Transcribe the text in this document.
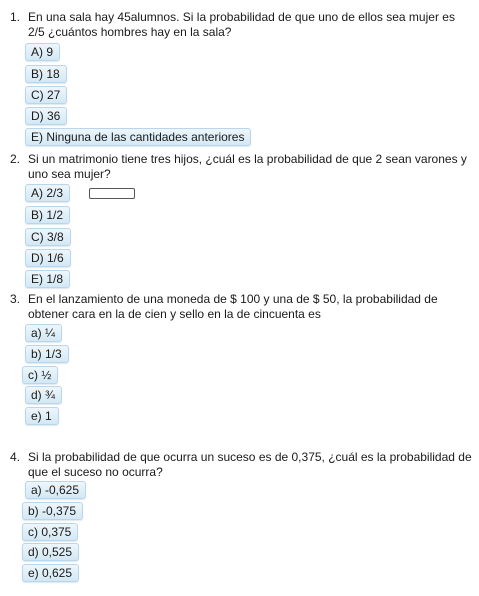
1. En una sala hay 45alumnos. Si la probabilidad de que uno de ellos sea mujer es 2/5 ¿cuántos hombres hay en la sala?
A) 9
B) 18
C) 27
D) 36
E) Ninguna de las cantidades anteriores
2. Si un matrimonio tiene tres hijos, ¿cuál es la probabilidad de que 2 sean varones y uno sea mujer?
A) 2/3
B) 1/2
C) 3/8
D) 1/6
E) 1/8
3. En el lanzamiento de una moneda de $ 100 y una de $ 50, la probabilidad de obtener cara en la de cien y sello en la de cincuenta es
a) ¼
b) 1/3
c) ½
d) ¾
e) 1
4. Si la probabilidad de que ocurra un suceso es de 0,375, ¿cuál es la probabilidad de que el suceso no ocurra?
a) -0,625
b) -0,375
c) 0,375
d) 0,525
e) 0,625
